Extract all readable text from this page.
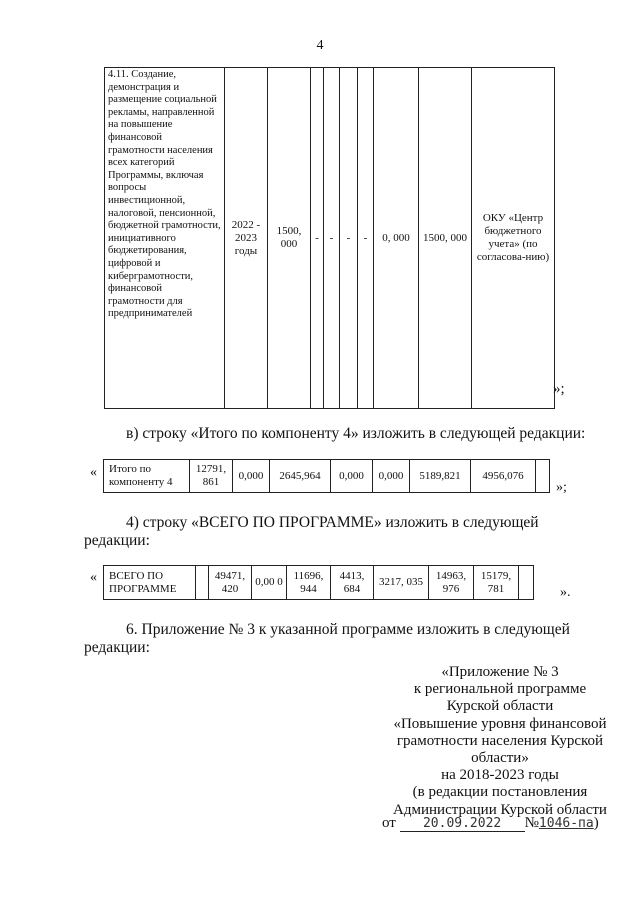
4
4.11. Создание, демонстрация и размещение социальной рекламы, направленной на повышение финансовой грамотности населения всех категорий Программы, включая вопросы инвестиционной, налоговой, пенсионной, бюджетной грамотности, инициативного бюджетирования, цифровой и киберграмотности, финансовой грамотности для предпринимателей	2022 - 2023 годы	1500, 000	-	-	-	-	0, 000	1500, 000	ОКУ «Центр бюджетного учета» (по согласова-нию)	
»;
в) строку «Итого по компоненту 4» изложить в следующей редакции:
« Итого по компоненту 4	12791, 861	0,000	2645,964	0,000	0,000	5189,821	4956,076	
»;
4) строку «ВСЕГО ПО ПРОГРАММЕ» изложить в следующей
редакции:
« ВСЕГО ПО ПРОГРАММЕ		49471, 420	0,00 0	11696, 944	4413, 684	3217, 035	14963, 976	15179, 781		».
6. Приложение № 3 к указанной программе изложить в следующей
редакции:
«Приложение № 3
к региональной программе
Курской области
«Повышение уровня финансовой
грамотности населения Курской
области»
на 2018-2023 годы
(в редакции постановления
Администрации Курской области
от 20.09.2022 №1046-па)
